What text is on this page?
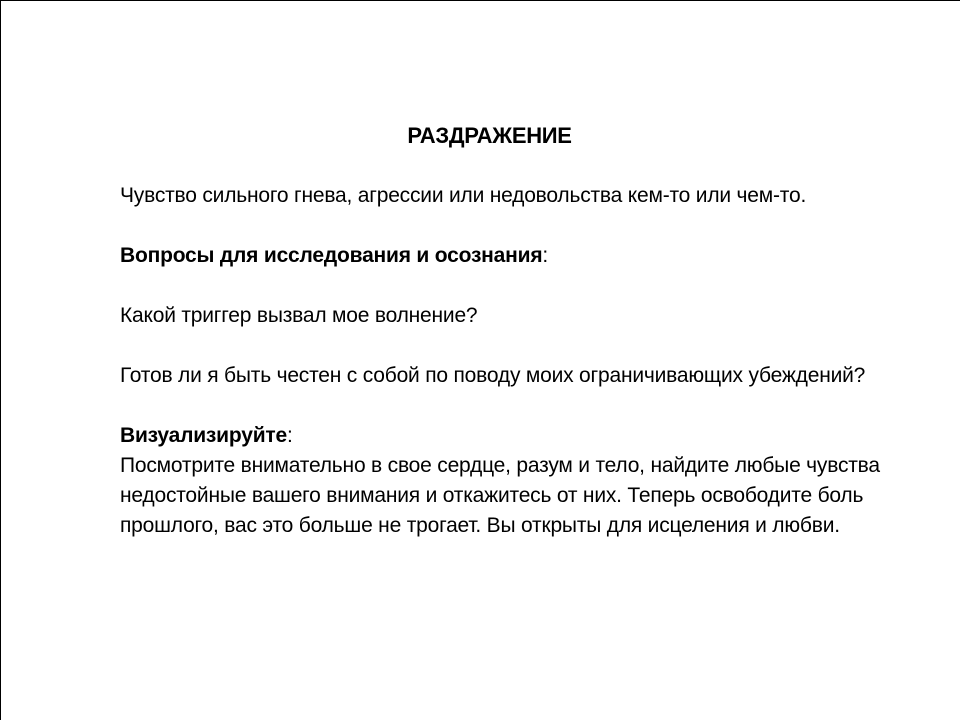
РАЗДРАЖЕНИЕ

Чувство сильного гнева, агрессии или недовольства кем-то или чем-то.

Вопросы для исследования и осознания:

Какой триггер вызвал мое волнение?

Готов ли я быть честен с собой по поводу моих ограничивающих убеждений?

Визуализируйте:

Посмотрите внимательно в свое сердце, разум и тело, найдите любые чувства недостойные вашего внимания и откажитесь от них. Теперь освободите боль прошлого, вас это больше не трогает. Вы открыты для исцеления и любви.
